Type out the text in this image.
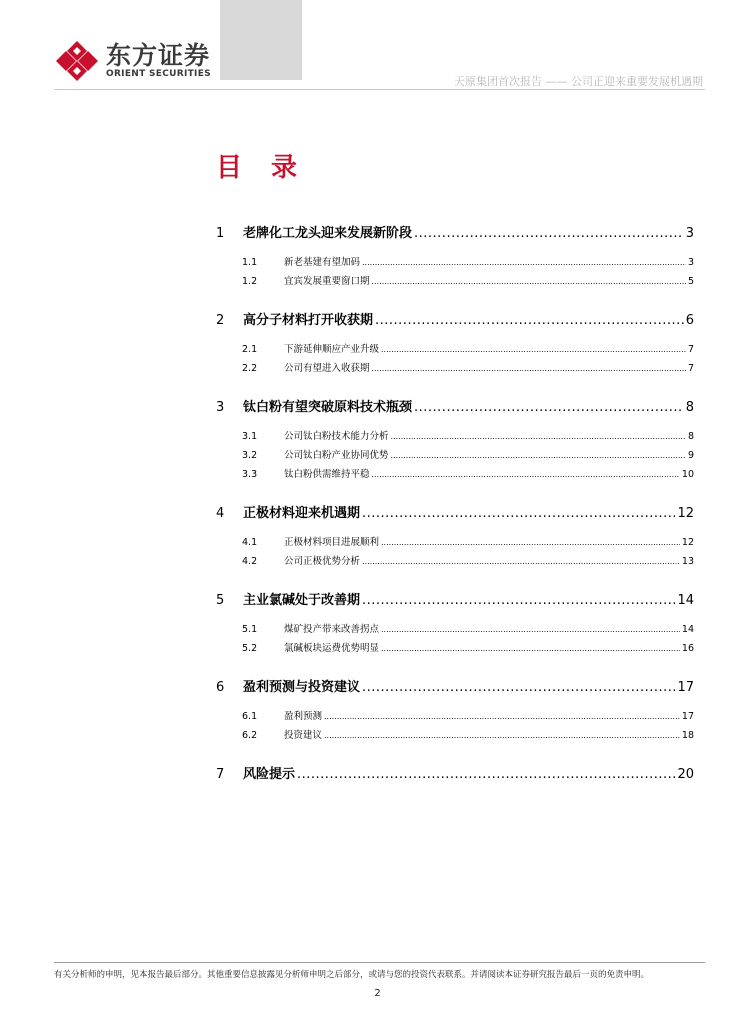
东方证券
ORIENT SECURITIES
天原集团首次报告 —— 公司正迎来重要发展机遇期
目 录
1	老牌化工龙头迎来发展新阶段 .....	3
1.1	新老基建有望加码 .....	3
1.2	宜宾发展重要窗口期 .....	5
2	高分子材料打开收获期 .....	6
2.1	下游延伸顺应产业升级 .....	7
2.2	公司有望进入收获期 .....	7
3	钛白粉有望突破原料技术瓶颈 .....	8
3.1	公司钛白粉技术能力分析 .....	8
3.2	公司钛白粉产业协同优势 .....	9
3.3	钛白粉供需维持平稳 .....	10
4	正极材料迎来机遇期 .....	12
4.1	正极材料项目进展顺利 .....	12
4.2	公司正极优势分析 .....	13
5	主业氯碱处于改善期 .....	14
5.1	煤矿投产带来改善拐点 .....	14
5.2	氯碱板块运费优势明显 .....	16
6	盈利预测与投资建议 .....	17
6.1	盈利预测 .....	17
6.2	投资建议 .....	18
7	风险提示 .....	20
有关分析师的申明，见本报告最后部分。其他重要信息披露见分析师申明之后部分，或请与您的投资代表联系。并请阅读本证券研究报告最后一页的免责申明。
2
